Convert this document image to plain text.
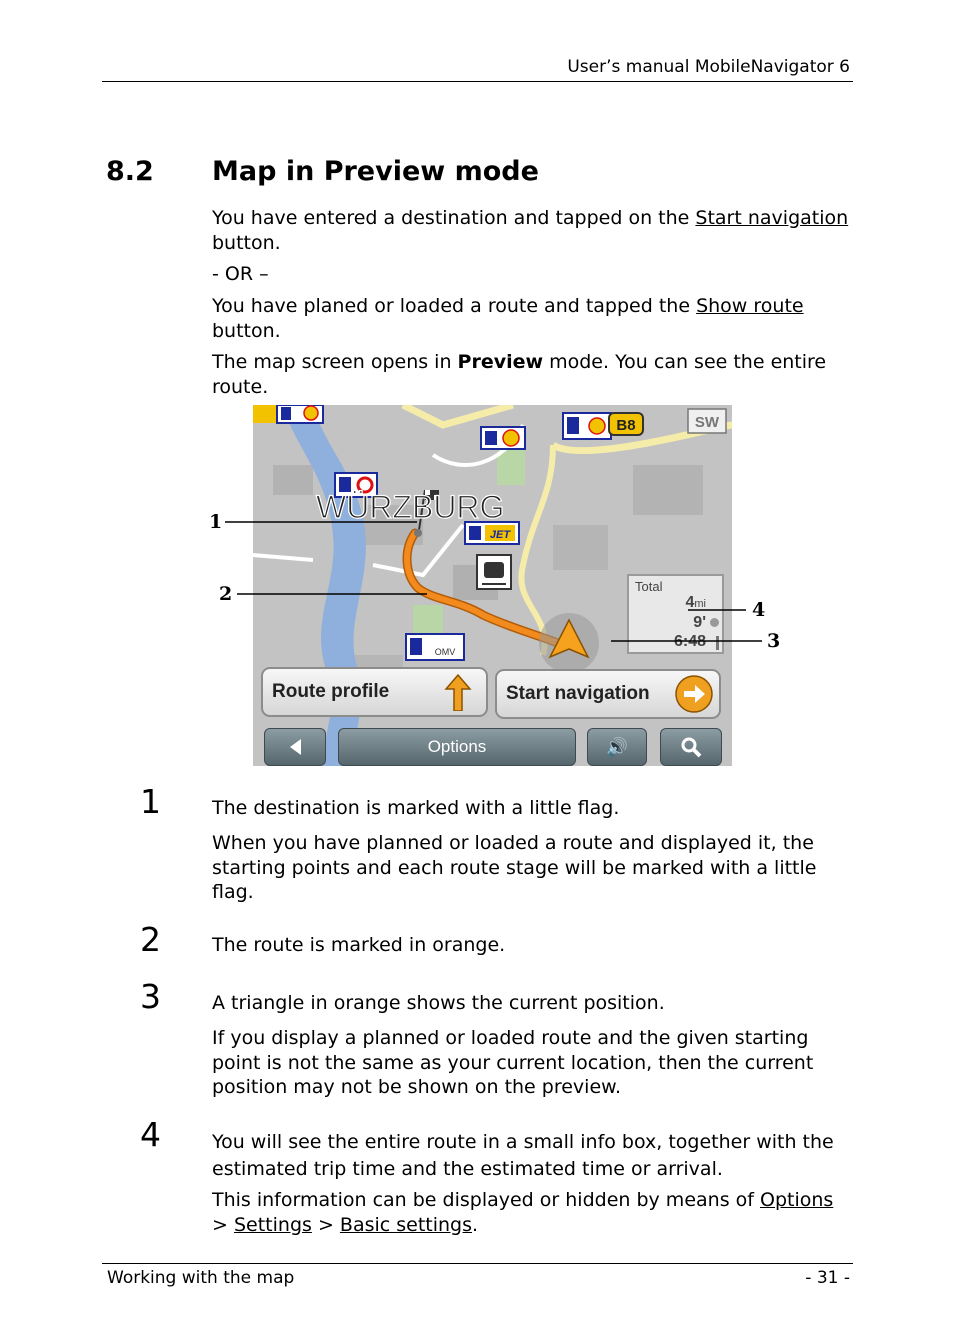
User’s manual MobileNavigator 6
8.2 Map in Preview mode

You have entered a destination and tapped on the Start navigation button.

- OR –

You have planed or loaded a route and tapped the Show route button.

The map screen opens in Preview mode. You can see the entire route.

JET
OMV
B8	SW
WÜRZBURG
Total
4mi
9'
6:48
Route profile	Start navigation
Options	🔊
1
2
3
4
1	The destination is marked with a little flag.

When you have planned or loaded a route and displayed it, the starting points and each route stage will be marked with a little flag.

2	The route is marked in orange.

3	A triangle in orange shows the current position.

If you display a planned or loaded route and the given starting point is not the same as your current location, then the current position may not be shown on the preview.

4	You will see the entire route in a small info box, together with the estimated trip time and the estimated time or arrival.

This information can be displayed or hidden by means of Options > Settings > Basic settings.

Working with the map	- 31 -
